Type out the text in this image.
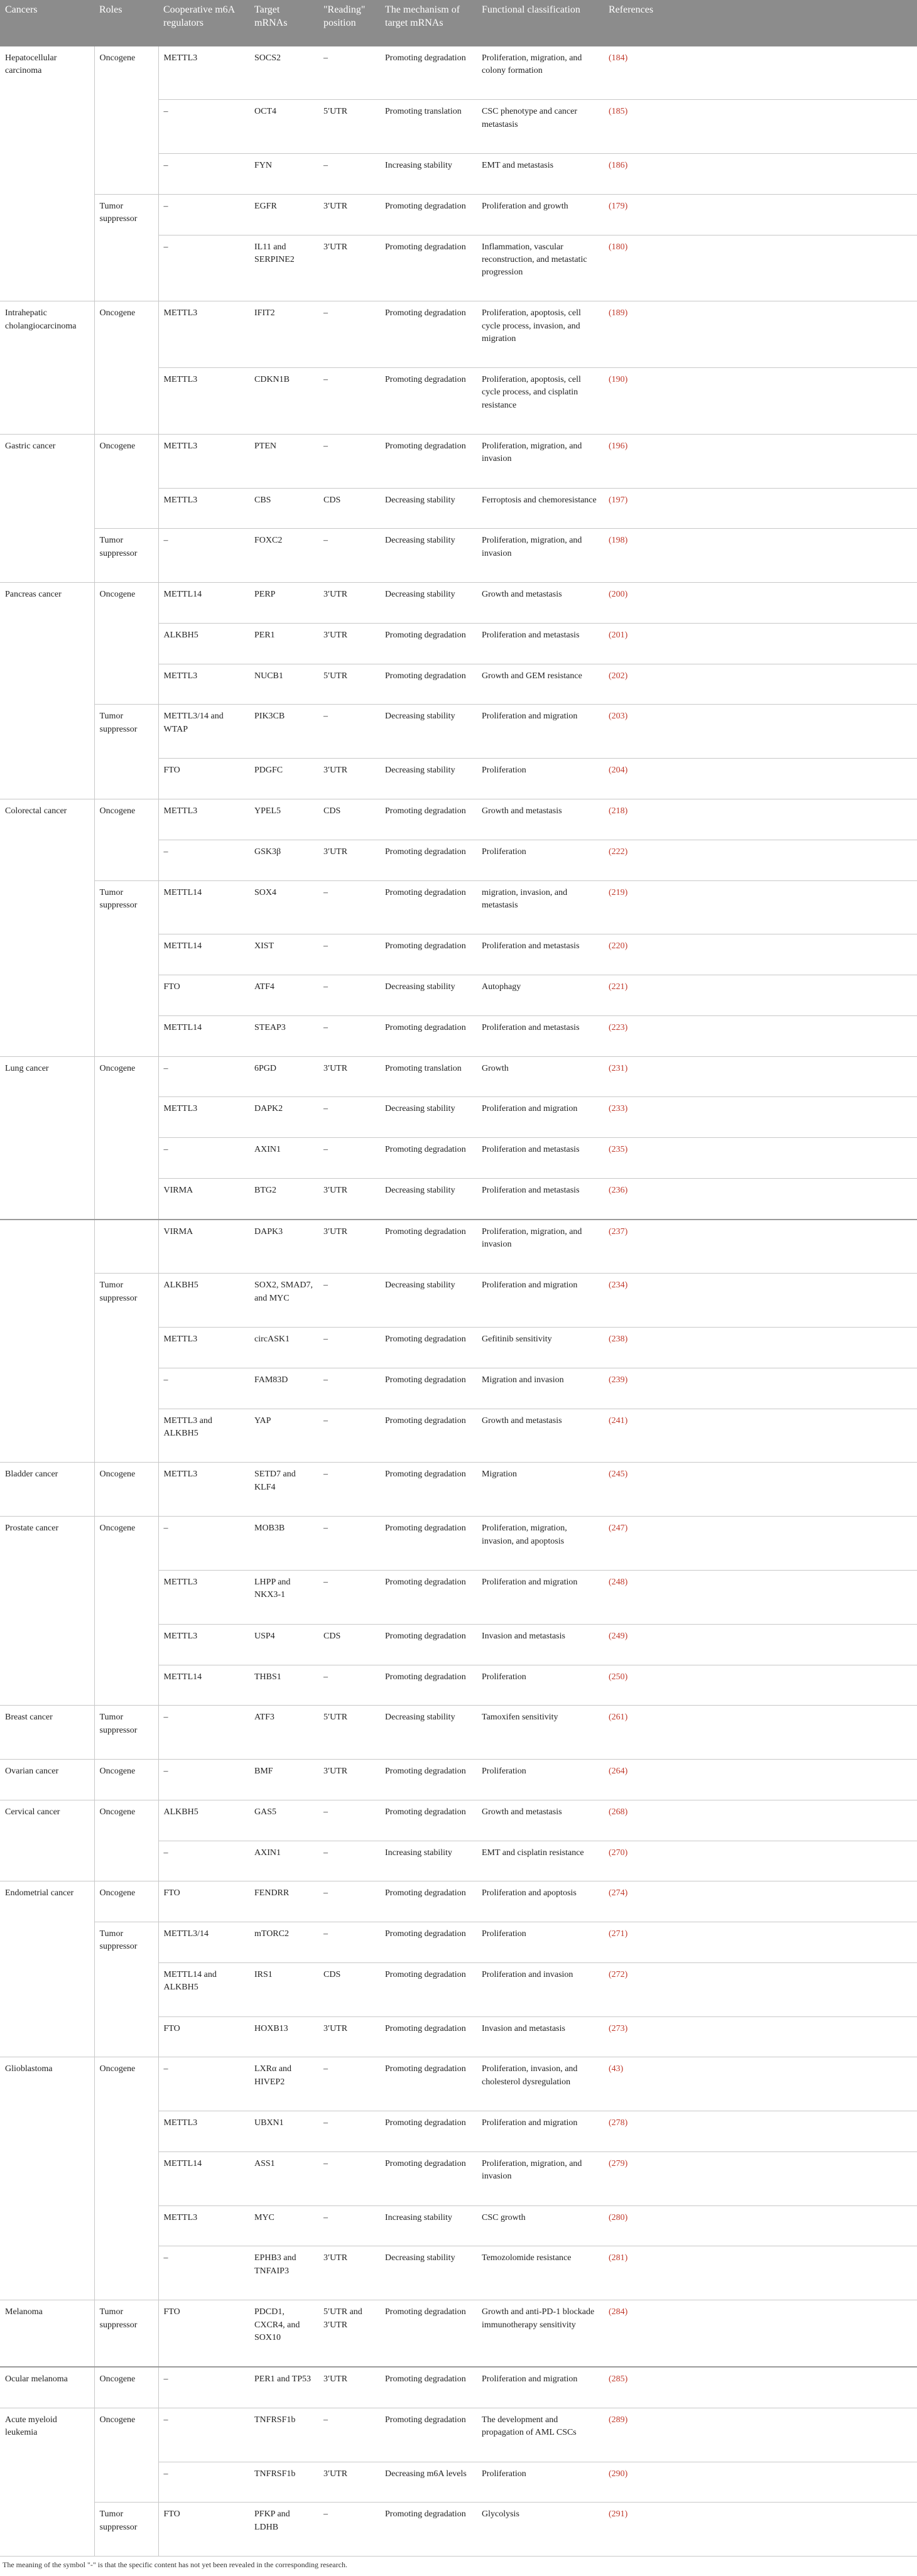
Cancers	Roles	Cooperative m6A regulators	Target mRNAs	"Reading" position	The mechanism of target mRNAs	Functional classification	References
Hepatocellular carcinoma	Oncogene	METTL3	SOCS2	–	Promoting degradation	Proliferation, migration, and colony formation	(184)
		–	OCT4	5′UTR	Promoting translation	CSC phenotype and cancer metastasis	(185)
		–	FYN	–	Increasing stability	EMT and metastasis	(186)
	Tumor suppressor	–	EGFR	3′UTR	Promoting degradation	Proliferation and growth	(179)
		–	IL11 and SERPINE2	3′UTR	Promoting degradation	Inflammation, vascular reconstruction, and metastatic progression	(180)
Intrahepatic cholangiocarcinoma	Oncogene	METTL3	IFIT2	–	Promoting degradation	Proliferation, apoptosis, cell cycle process, invasion, and migration	(189)
		METTL3	CDKN1B	–	Promoting degradation	Proliferation, apoptosis, cell cycle process, and cisplatin resistance	(190)
Gastric cancer	Oncogene	METTL3	PTEN	–	Promoting degradation	Proliferation, migration, and invasion	(196)
		METTL3	CBS	CDS	Decreasing stability	Ferroptosis and chemoresistance	(197)
	Tumor suppressor	–	FOXC2	–	Decreasing stability	Proliferation, migration, and invasion	(198)
Pancreas cancer	Oncogene	METTL14	PERP	3′UTR	Decreasing stability	Growth and metastasis	(200)
		ALKBH5	PER1	3′UTR	Promoting degradation	Proliferation and metastasis	(201)
		METTL3	NUCB1	5′UTR	Promoting degradation	Growth and GEM resistance	(202)
	Tumor suppressor	METTL3/14 and WTAP	PIK3CB	–	Decreasing stability	Proliferation and migration	(203)
		FTO	PDGFC	3′UTR	Decreasing stability	Proliferation	(204)
Colorectal cancer	Oncogene	METTL3	YPEL5	CDS	Promoting degradation	Growth and metastasis	(218)
		–	GSK3β	3′UTR	Promoting degradation	Proliferation	(222)
	Tumor suppressor	METTL14	SOX4	–	Promoting degradation	migration, invasion, and metastasis	(219)
		METTL14	XIST	–	Promoting degradation	Proliferation and metastasis	(220)
		FTO	ATF4	–	Decreasing stability	Autophagy	(221)
		METTL14	STEAP3	–	Promoting degradation	Proliferation and metastasis	(223)
Lung cancer	Oncogene	–	6PGD	3′UTR	Promoting translation	Growth	(231)
		METTL3	DAPK2	–	Decreasing stability	Proliferation and migration	(233)
		–	AXIN1	–	Promoting degradation	Proliferation and metastasis	(235)
		VIRMA	BTG2	3′UTR	Decreasing stability	Proliferation and metastasis	(236)
		VIRMA	DAPK3	3′UTR	Promoting degradation	Proliferation, migration, and invasion	(237)
	Tumor suppressor	ALKBH5	SOX2, SMAD7, and MYC	–	Decreasing stability	Proliferation and migration	(234)
		METTL3	circASK1	–	Promoting degradation	Gefitinib sensitivity	(238)
		–	FAM83D	–	Promoting degradation	Migration and invasion	(239)
		METTL3 and ALKBH5	YAP	–	Promoting degradation	Growth and metastasis	(241)
Bladder cancer	Oncogene	METTL3	SETD7 and KLF4	–	Promoting degradation	Migration	(245)
Prostate cancer	Oncogene	–	MOB3B	–	Promoting degradation	Proliferation, migration, invasion, and apoptosis	(247)
		METTL3	LHPP and NKX3-1	–	Promoting degradation	Proliferation and migration	(248)
		METTL3	USP4	CDS	Promoting degradation	Invasion and metastasis	(249)
		METTL14	THBS1	–	Promoting degradation	Proliferation	(250)
Breast cancer	Tumor suppressor	–	ATF3	5′UTR	Decreasing stability	Tamoxifen sensitivity	(261)
Ovarian cancer	Oncogene	–	BMF	3′UTR	Promoting degradation	Proliferation	(264)
Cervical cancer	Oncogene	ALKBH5	GAS5	–	Promoting degradation	Growth and metastasis	(268)
		–	AXIN1	–	Increasing stability	EMT and cisplatin resistance	(270)
Endometrial cancer	Oncogene	FTO	FENDRR	–	Promoting degradation	Proliferation and apoptosis	(274)
	Tumor suppressor	METTL3/14	mTORC2	–	Promoting degradation	Proliferation	(271)
		METTL14 and ALKBH5	IRS1	CDS	Promoting degradation	Proliferation and invasion	(272)
		FTO	HOXB13	3′UTR	Promoting degradation	Invasion and metastasis	(273)
Glioblastoma	Oncogene	–	LXRα and HIVEP2	–	Promoting degradation	Proliferation, invasion, and cholesterol dysregulation	(43)
		METTL3	UBXN1	–	Promoting degradation	Proliferation and migration	(278)
		METTL14	ASS1	–	Promoting degradation	Proliferation, migration, and invasion	(279)
		METTL3	MYC	–	Increasing stability	CSC growth	(280)
		–	EPHB3 and TNFAIP3	3′UTR	Decreasing stability	Temozolomide resistance	(281)
Melanoma	Tumor suppressor	FTO	PDCD1, CXCR4, and SOX10	5′UTR and 3′UTR	Promoting degradation	Growth and anti-PD-1 blockade immunotherapy sensitivity	(284)
Ocular melanoma	Oncogene	–	PER1 and TP53	3′UTR	Promoting degradation	Proliferation and migration	(285)
Acute myeloid leukemia	Oncogene	–	TNFRSF1b	–	Promoting degradation	The development and propagation of AML CSCs	(289)
		–	TNFRSF1b	3′UTR	Decreasing m6A levels	Proliferation	(290)
	Tumor suppressor	FTO	PFKP and LDHB	–	Promoting degradation	Glycolysis	(291)
The meaning of the symbol "-" is that the specific content has not yet been revealed in the corresponding research.
